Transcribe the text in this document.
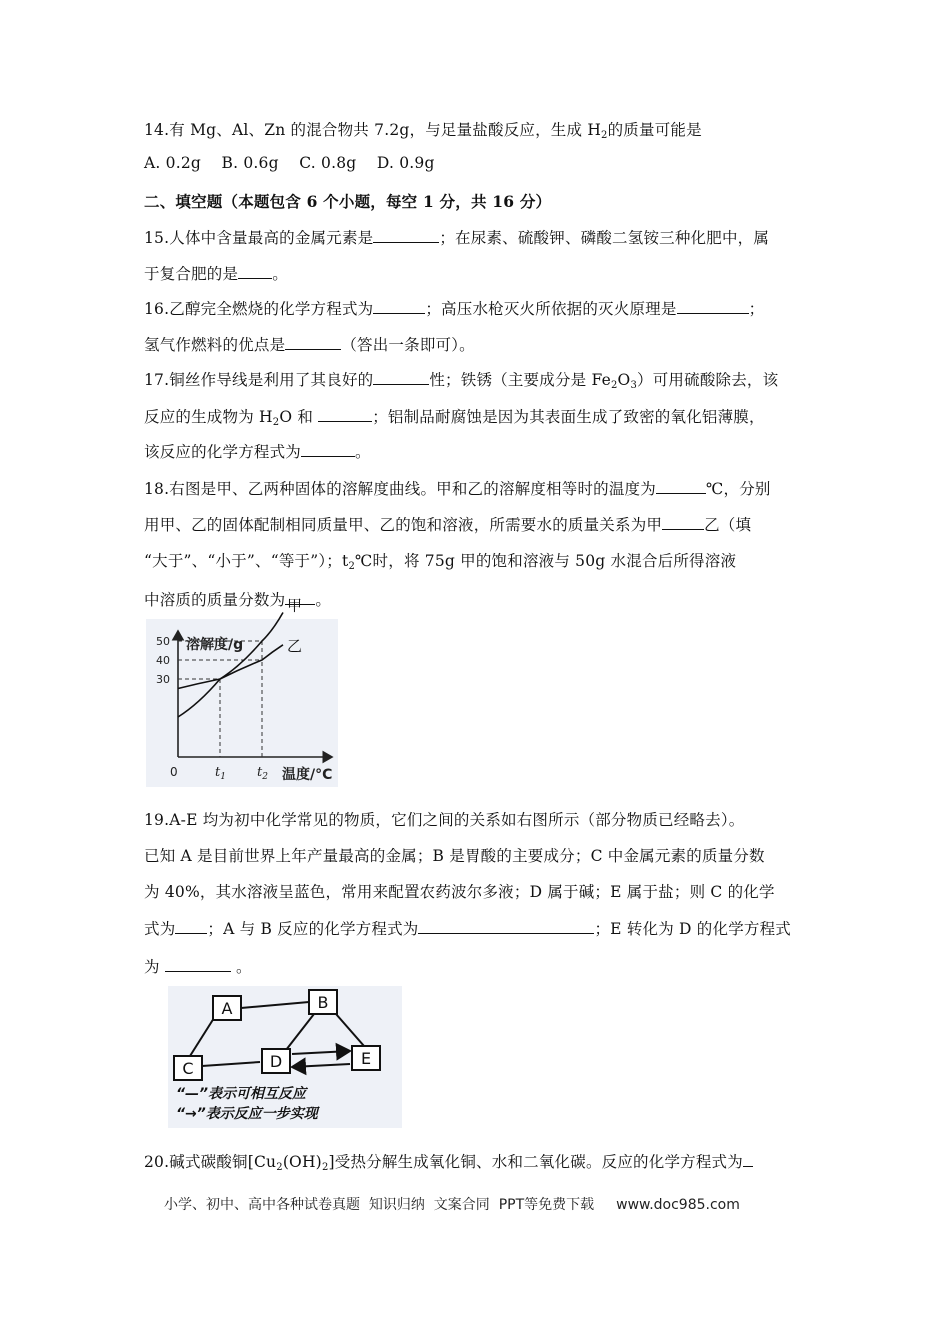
14.有 Mg、Al、Zn 的混合物共 7.2g，与足量盐酸反应，生成 $H_2$的质量可能是
A. 0.2g    B. 0.6g    C. 0.8g    D. 0.9g
二、填空题（本题包含 6 个小题，每空 1 分，共 16 分）
15.人体中含量最高的金属元素是	；在尿素、硫酸钾、磷酸二氢铵三种化肥中，属
于复合肥的是 。
16.乙醇完全燃烧的化学方程式为	；高压水枪灭火所依据的灭火原理是	；
氢气作燃料的优点是	（答出一条即可）。
17.铜丝作导线是利用了其良好的	性；铁锈（主要成分是 $Fe_2O_3$）可用硫酸除去，该
反应的生成物为 $H_2O$ 和	；铝制品耐腐蚀是因为其表面生成了致密的氧化铝薄膜，
该反应的化学方程式为	。
18.右图是甲、乙两种固体的溶解度曲线。甲和乙的溶解度相等时的温度为	℃，分别
用甲、乙的固体配制相同质量甲、乙的饱和溶液，所需要水的质量关系为甲	乙（填
“大于”、“小于”、“等于”）；$t_2℃$时，将 75g 甲的饱和溶液与 50g 水混合后所得溶液
中溶质的质量分数为 。
溶解度/g
温度/°C
0
30
40
50
$t_1$ $t_2$
甲
乙
19.A-E 均为初中化学常见的物质，它们之间的关系如右图所示（部分物质已经略去）。
已知 A 是目前世界上年产量最高的金属；B 是胃酸的主要成分；C 中金属元素的质量分数
为 40%，其水溶液呈蓝色，常用来配置农药波尔多液；D 属于碱；E 属于盐；则 C 的化学
式为 ；A 与 B 反应的化学方程式为	；E 转化为 D 的化学方程式
为	。
A	B
C	D	E
“—”表示可相互反应
“→”表示反应一步实现
20.碱式碳酸铜$[Cu_2(OH)_2]$受热分解生成氧化铜、水和二氧化碳。反应的化学方程式为
小学、初中、高中各种试卷真题  知识归纳  文案合同  PPT等免费下载 www.doc985.com
